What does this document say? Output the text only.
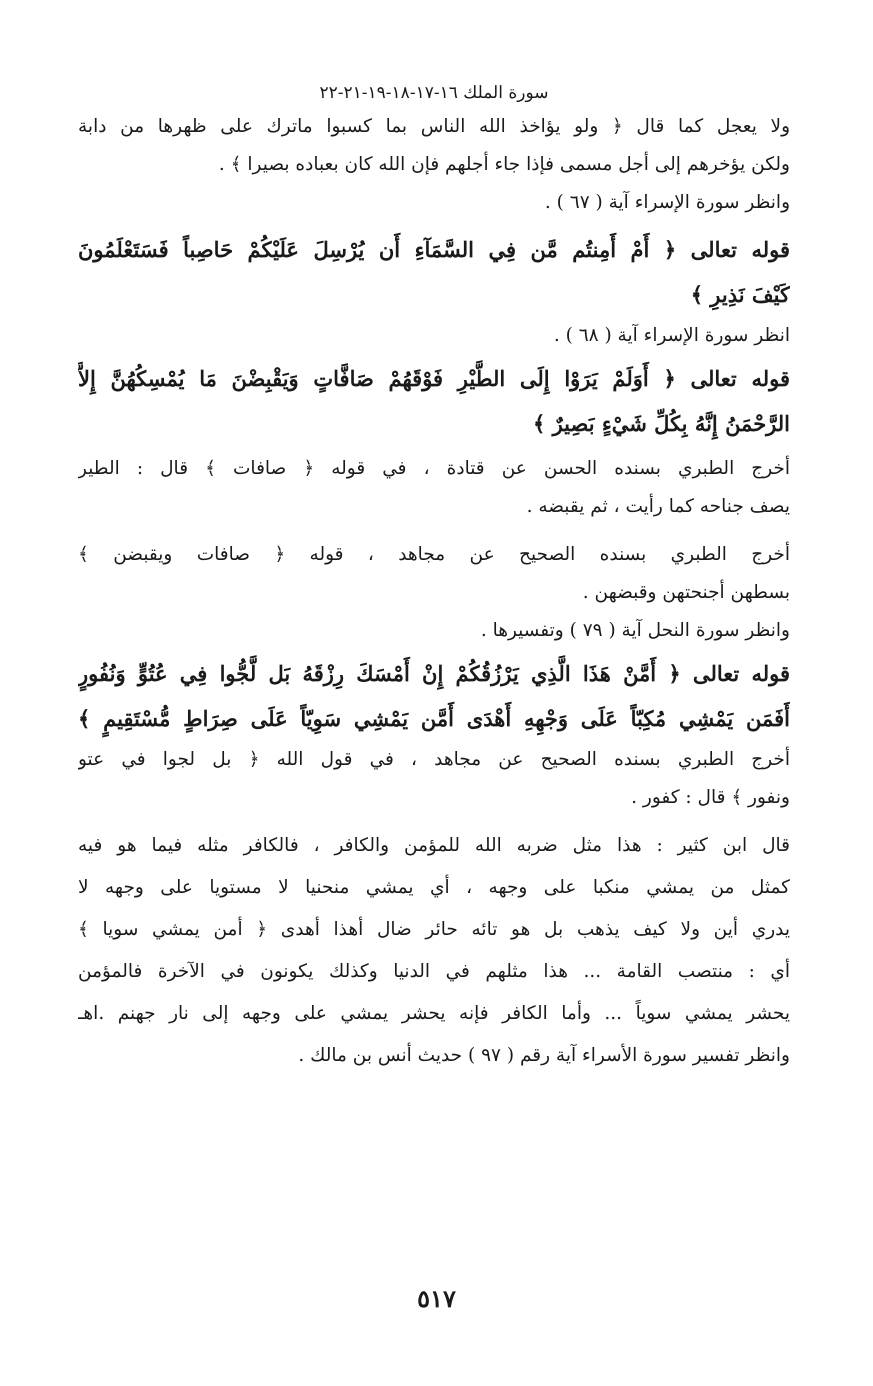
سورة الملك ١٦-١٧-١٨-١٩-٢١-٢٢
ولا يعجل كما قال ﴿ ولو يؤاخذ الله الناس بما كسبوا ماترك على ظهرها من دابة
ولكن يؤخرهم إلى أجل مسمى فإذا جاء أجلهم فإن الله كان بعباده بصيرا ﴾ .
وانظر سورة الإسراء آية ( ٦٧ ) .
قوله تعالى ﴿ أَمْ أَمِنتُم مَّن فِي السَّمَآءِ أَن يُرْسِلَ عَلَيْكُمْ حَاصِباً فَسَتَعْلَمُونَ
كَيْفَ نَذِيرِ ﴾
انظر سورة الإسراء آية ( ٦٨ ) .
قوله تعالى ﴿ أَوَلَمْ يَرَوْا إِلَى الطَّيْرِ فَوْقَهُمْ صَافَّاتٍ وَيَقْبِضْنَ مَا يُمْسِكُهُنَّ إِلاَّ
الرَّحْمَنُ إِنَّهُ بِكُلِّ شَيْءٍ بَصِيرٌ ﴾
أخرج الطبري بسنده الحسن عن قتادة ، في قوله ﴿ صافات ﴾ قال : الطير
يصف جناحه كما رأيت ، ثم يقبضه .
أخرج الطبري بسنده الصحيح عن مجاهد ، قوله ﴿ صافات ويقبضن ﴾
بسطهن أجنحتهن وقبضهن .
وانظر سورة النحل آية ( ٧٩ ) وتفسيرها .
قوله تعالى ﴿ أَمَّنْ هَذَا الَّذِي يَرْزُقُكُمْ إِنْ أَمْسَكَ رِزْقَهُ بَل لَّجُّوا فِي عُتُوٍّ وَنُفُورٍ
أَفَمَن يَمْشِي مُكِبّاً عَلَى وَجْهِهِ أَهْدَى أَمَّن يَمْشِي سَوِيّاً عَلَى صِرَاطٍ مُّسْتَقِيمٍ ﴾
أخرج الطبري بسنده الصحيح عن مجاهد ، في قول الله ﴿ بل لجوا في عتو
ونفور ﴾ قال : كفور .
قال ابن كثير : هذا مثل ضربه الله للمؤمن والكافر ، فالكافر مثله فيما هو فيه
كمثل من يمشي منكبا على وجهه ، أي يمشي منحنيا لا مستويا على وجهه لا
يدري أين ولا كيف يذهب بل هو تائه حائر ضال أهذا أهدى ﴿ أمن يمشي سويا ﴾
أي : منتصب القامة ... هذا مثلهم في الدنيا وكذلك يكونون في الآخرة فالمؤمن
يحشر يمشي سوياً ... وأما الكافر فإنه يحشر يمشي على وجهه إلى نار جهنم .اهـ
وانظر تفسير سورة الأسراء آية رقم ( ٩٧ ) حديث أنس بن مالك .
٥١٧
